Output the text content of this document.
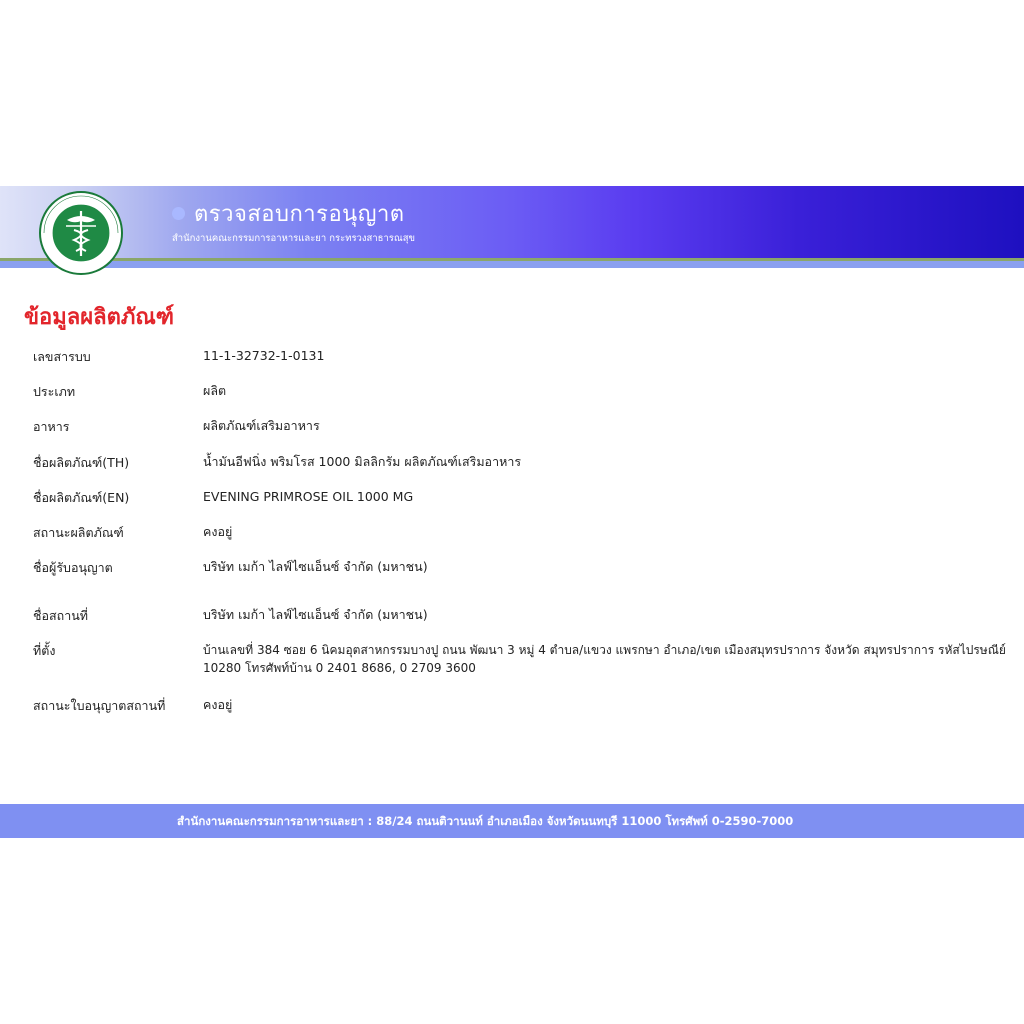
ตรวจสอบการอนุญาต
สำนักงานคณะกรรมการอาหารและยา กระทรวงสาธารณสุข
ข้อมูลผลิตภัณฑ์
เลขสารบบ	11-1-32732-1-0131
ประเภท	ผลิต
อาหาร	ผลิตภัณฑ์เสริมอาหาร
ชื่อผลิตภัณฑ์(TH)	น้ำมันอีฟนิ่ง พริมโรส 1000 มิลลิกรัม ผลิตภัณฑ์เสริมอาหาร
ชื่อผลิตภัณฑ์(EN)	EVENING PRIMROSE OIL 1000 MG
สถานะผลิตภัณฑ์	คงอยู่
ชื่อผู้รับอนุญาต	บริษัท เมก้า ไลฟ์ไซแอ็นซ์ จำกัด (มหาชน)
ชื่อสถานที่	บริษัท เมก้า ไลฟ์ไซแอ็นซ์ จำกัด (มหาชน)
ที่ตั้ง	บ้านเลขที่ 384 ซอย 6 นิคมอุตสาหกรรมบางปู ถนน พัฒนา 3 หมู่ 4 ตำบล/แขวง แพรกษา อำเภอ/เขต เมืองสมุทรปราการ จังหวัด สมุทรปราการ รหัสไปรษณีย์
10280 โทรศัพท์บ้าน 0 2401 8686, 0 2709 3600
สถานะใบอนุญาตสถานที่	คงอยู่
สำนักงานคณะกรรมการอาหารและยา : 88/24 ถนนติวานนท์ อำเภอเมือง จังหวัดนนทบุรี 11000 โทรศัพท์ 0-2590-7000
